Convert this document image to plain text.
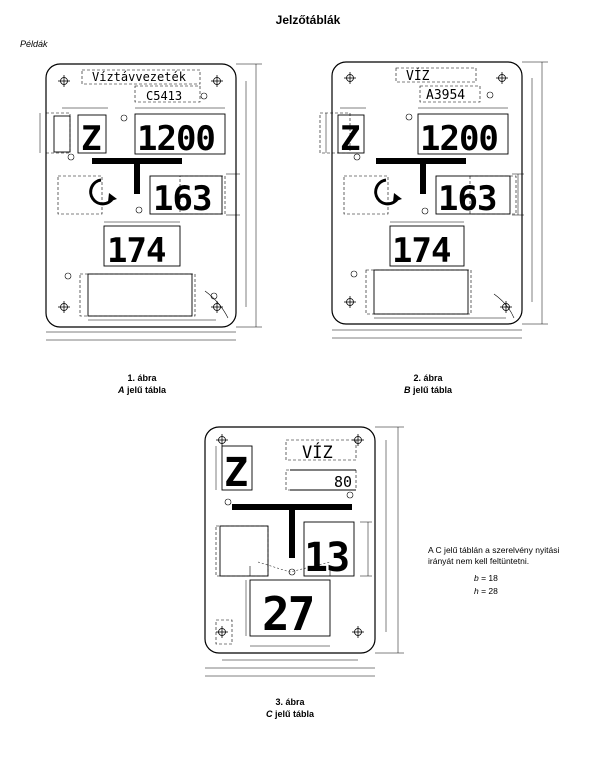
Jelzőtáblák
Példák
Víztávvezeték
C5413
Z 1200
163
174
VÍZ
A3954
Z 1200
163
174
VÍZ
80
Z
13
27
1. ábra
A jelű tábla
2. ábra
B jelű tábla
3. ábra
C jelű tábla
A C jelű táblán a szerelvény nyitási irányát nem kell feltüntetni.
b = 18
h = 28
